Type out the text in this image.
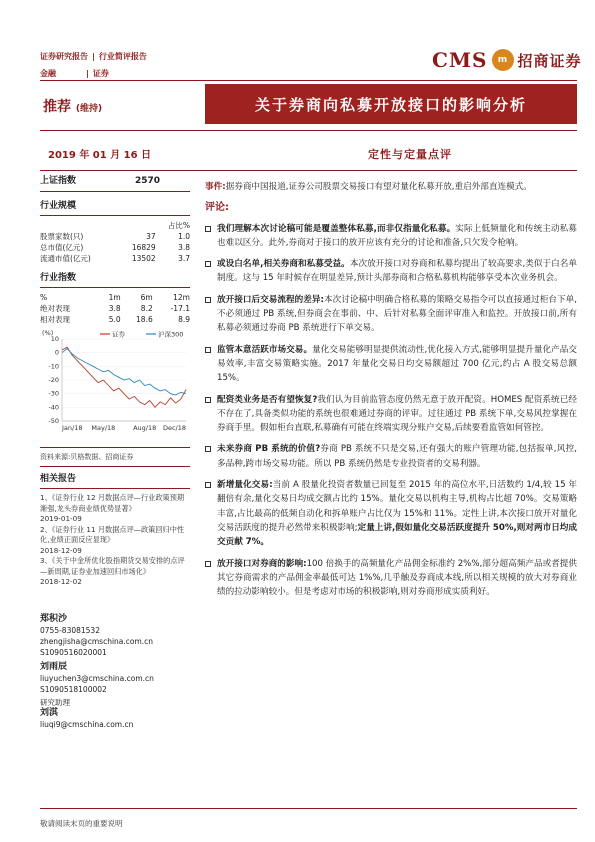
证券研究报告 | 行业简评报告
金融	| 证券
CMS	m 招商证券
推荐 (维持)	关于券商向私募开放接口的影响分析
2019 年 01 月 16 日	定性与定量点评
上证指数	2570
行业规模
		占比%
股票家数(只)	37	1.0
总市值(亿元)	16829	3.8
流通市值(亿元)	13502	3.7
行业指数
%	1m	6m	12m
绝对表现	3.8	8.2	-17.1
相对表现	5.0	18.6	8.9
(%)
10
0
-10
-20
-30
-40
-50
Jan/18 May/18	Aug/18 Dec/18
证券	沪深300
资料来源:贝格数据、招商证券
相关报告
1、《证券行业 12 月数据点评—行业政策预期渐强,龙头券商业绩优势显著》
2019-01-09
2、《证券行业 11 月数据点评—政策回归中性化,业绩正面反应显现》
2018-12-09
3、《关于中金所优化股指期货交易安排的点评—新周期,证券业加速回归市场化》
2018-12-02
郑积沙
0755-83081532
zhengjisha@cmschina.com.cn
S1090516020001
刘雨辰
liuyuchen3@cmschina.com.cn
S1090518100002
研究助理
刘淇
liuqi9@cmschina.com.cn

事件:据券商中国报道,证券公司股票交易接口有望对量化私募开放,重启外部直连模式。

评论:

我们理解本次讨论稿可能是覆盖整体私募,而非仅指量化私募。实际上低频量化和传统主动私募也难以区分。此外,券商对于接口的放开应该有充分的讨论和准备,只欠发令枪响。
或设白名单,相关券商和私募受益。本次放开接口对券商和私募均提出了较高要求,类似于白名单制度。这与 15 年时候存在明显差异,预计头部券商和合格私募机构能够享受本次业务机会。
放开接口后交易流程的差异:本次讨论稿中明确合格私募的策略交易指令可以直接通过柜台下单,不必须通过 PB 系统,但券商会在事前、中、后针对私募全面评审准入和监控。开放接口前,所有私募必须通过券商 PB 系统进行下单交易。
监管本意活跃市场交易。量化交易能够明显提供流动性,优化接入方式,能够明显提升量化产品交易效率,丰富交易策略实施。2017 年量化交易日均交易额超过 700 亿元,约占 A 股交易总额 15%。
配资类业务是否有望恢复?我们认为目前监管态度仍然无意于放开配资。HOMES 配资系统已经不存在了,具备类似功能的系统也很难通过券商的评审。过往通过 PB 系统下单,交易风控掌握在券商手里。假如柜台直联,私募确有可能在终端实现分账户交易,后续要看监管如何管控。
未来券商 PB 系统的价值?券商 PB 系统不只是交易,还有强大的账户管理功能,包括报单,风控,多品种,跨市场交易功能。所以 PB 系统仍然是专业投资者的交易利器。
新增量化交易:当前 A 股量化投资者数量已回复至 2015 年的高位水平,日活数约 1/4,较 15 年翻倍有余,量化交易日均成交额占比约 15%。量化交易以机构主导,机构占比超 70%。交易策略丰富,占比最高的低频自动化和拆单账户占比仅为 15%和 11%。定性上讲,本次接口放开对量化交易活跃度的提升必然带来积极影响;定量上讲,假如量化交易活跃度提升 50%,则对两市日均成交贡献 7%。
放开接口对券商的影响:100 倍换手的高频量化产品佣金标准约 2%%,部分超高频产品或者提供其它券商需求的产品佣金率最低可达 1%%,几乎触及券商成本线,所以相关规模的放大对券商业绩的拉动影响较小。但是考虑对市场的积极影响,则对券商形成实质利好。
敬请阅读末页的重要说明
